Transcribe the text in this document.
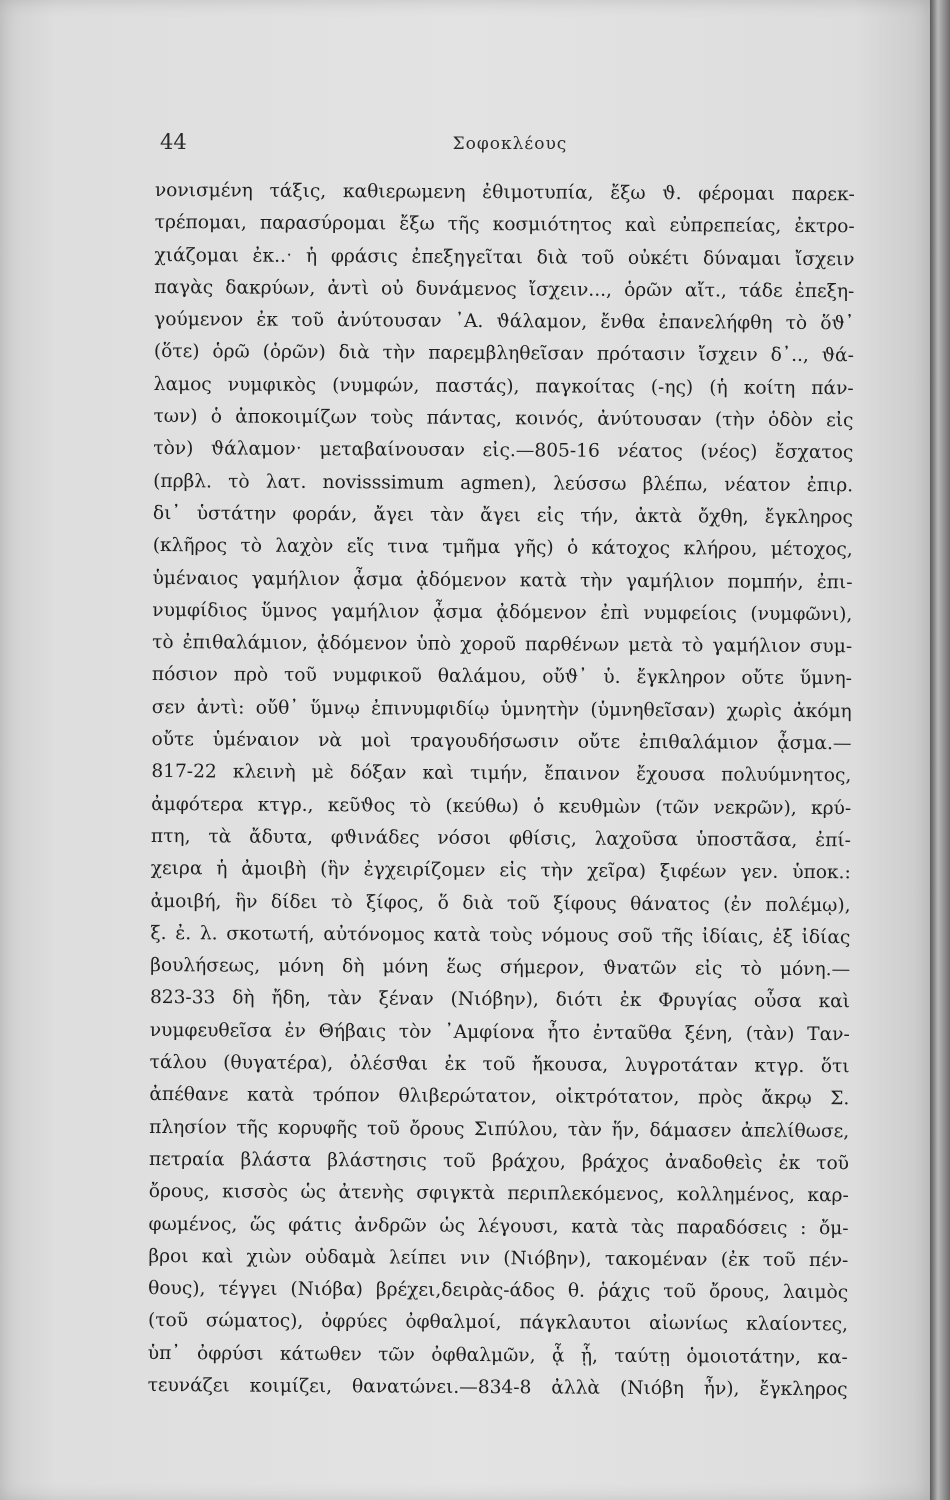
44	Σοφοκλέους
νονισμένη τάξις, καθιερωμενη ἐθιμοτυπία, ἔξω ϑ. φέρομαι παρεκ-
τρέπομαι, παρασύρομαι ἔξω τῆς κοσμιότητος καὶ εὐπρεπείας, ἐκτρο-
χιάζομαι ἐκ..ˑ ἡ φράσις ἐπεξηγεῖται διὰ τοῦ οὐκέτι δύναμαι ἴσχειν
παγὰς δακρύων, ἀντὶ οὐ δυνάμενος ἴσχειν..., ὁρῶν αἴτ., τάδε ἐπεξη-
γούμενον ἐκ τοῦ ἀνύτουσαν ᾿Α. ϑάλαμον, ἔνθα ἐπανελήφθη τὸ ὅϑ᾽
(ὅτε) ὁρῶ (ὁρῶν) διὰ τὴν παρεμβληθεῖσαν πρότασιν ἴσχειν δ᾽.., ϑά-
λαμος νυμφικὸς (νυμφών, παστάς), παγκοίτας (-ης) (ἡ κοίτη πάν-
των) ὁ ἀποκοιμίζων τοὺς πάντας, κοινός, ἀνύτουσαν (τὴν ὁδὸν εἰς
τὸν) ϑάλαμονˑ μεταβαίνουσαν εἰς.—805-16 νέατος (νέος) ἔσχατος
(πρβλ. τὸ λατ. novisssimum agmen), λεύσσω βλέπω, νέατον ἐπιρ.
δι᾽ ὑστάτην φοράν, ἄγει τὰν ἄγει εἰς τήν, ἀκτὰ ὄχθη, ἔγκληρος
(κλῆρος τὸ λαχὸν εἴς τινα τμῆμα γῆς) ὁ κάτοχος κλήρου, μέτοχος,
ὑμέναιος γαμήλιον ᾆσμα ᾀδόμενον κατὰ τὴν γαμήλιον πομπήν, ἐπι-
νυμφίδιος ὕμνος γαμήλιον ᾆσμα ᾀδόμενον ἐπὶ νυμφείοις (νυμφῶνι),
τὸ ἐπιθαλάμιον, ᾀδόμενον ὑπὸ χοροῦ παρθένων μετὰ τὸ γαμήλιον συμ-
πόσιον πρὸ τοῦ νυμφικοῦ θαλάμου, οὔϑ᾽ ὑ. ἔγκληρον οὔτε ὕμνη-
σεν ἀντὶ: οὔθ᾽ ὕμνῳ ἐπινυμφιδίῳ ὑμνητὴν (ὑμνηθεῖσαν) χωρὶς ἀκόμη
οὔτε ὑμέναιον νὰ μοὶ τραγουδήσωσιν οὔτε ἐπιθαλάμιον ᾆσμα.—
817-22 κλεινὴ μὲ δόξαν καὶ τιμήν, ἔπαινον ἔχουσα πολυύμνητος,
ἀμφότερα κτγρ., κεῦϑος τὸ (κεύθω) ὁ κευθμὼν (τῶν νεκρῶν), κρύ-
πτη, τὰ ἄδυτα, φϑινάδες νόσοι φθίσις, λαχοῦσα ὑποστᾶσα, ἐπί-
χειρα ἡ ἀμοιβὴ (ἣν ἐγχειρίζομεν εἰς τὴν χεῖρα) ξιφέων γεν. ὑποκ.:
ἀμοιβή, ἣν δίδει τὸ ξίφος, ὅ διὰ τοῦ ξίφους θάνατος (ἐν πολέμῳ),
ξ. ἐ. λ. σκοτωτή, αὐτόνομος κατὰ τοὺς νόμους σοῦ τῆς ἰδίαις, ἐξ ἰδίας
βουλήσεως, μόνη δὴ μόνη ἕως σήμερον, ϑνατῶν εἰς τὸ μόνη.—
823-33 δὴ ἤδη, τὰν ξέναν (Νιόβην), διότι ἐκ Φρυγίας οὖσα καὶ
νυμφευθεῖσα ἐν Θήβαις τὸν ᾿Αμφίονα ἦτο ἐνταῦθα ξένη, (τὰν) Ταν-
τάλου (θυγατέρα), ὀλέσϑαι ἐκ τοῦ ἤκουσα, λυγροτάταν κτγρ. ὅτι
ἀπέθανε κατὰ τρόπον θλιβερώτατον, οἰκτρότατον, πρὸς ἄκρῳ Σ.
πλησίον τῆς κορυφῆς τοῦ ὄρους Σιπύλου, τὰν ἥν, δάμασεν ἀπελίθωσε,
πετραία βλάστα βλάστησις τοῦ βράχου, βράχος ἀναδοθεὶς ἐκ τοῦ
ὄρους, κισσὸς ὡς ἀτενὴς σφιγκτὰ περιπλεκόμενος, κολλημένος, καρ-
φωμένος, ὥς φάτις ἀνδρῶν ὡς λέγουσι, κατὰ τὰς παραδόσεις : ὄμ-
βροι καὶ χιὼν οὐδαμὰ λείπει νιν (Νιόβην), τακομέναν (ἐκ τοῦ πέν-
θους), τέγγει (Νιόβα) βρέχει,δειρὰς-άδος θ. ῥάχις τοῦ ὄρους, λαιμὸς
(τοῦ σώματος), ὀφρύες ὀφθαλμοί, πάγκλαυτοι αἰωνίως κλαίοντες,
ὑπ᾽ ὀφρύσι κάτωθεν τῶν ὀφθαλμῶν, ᾇ ᾗ, ταύτῃ ὁμοιοτάτην, κα-
τευνάζει κοιμίζει, θανατώνει.—834-8 ἀλλὰ (Νιόβη ἦν), ἔγκληρος
